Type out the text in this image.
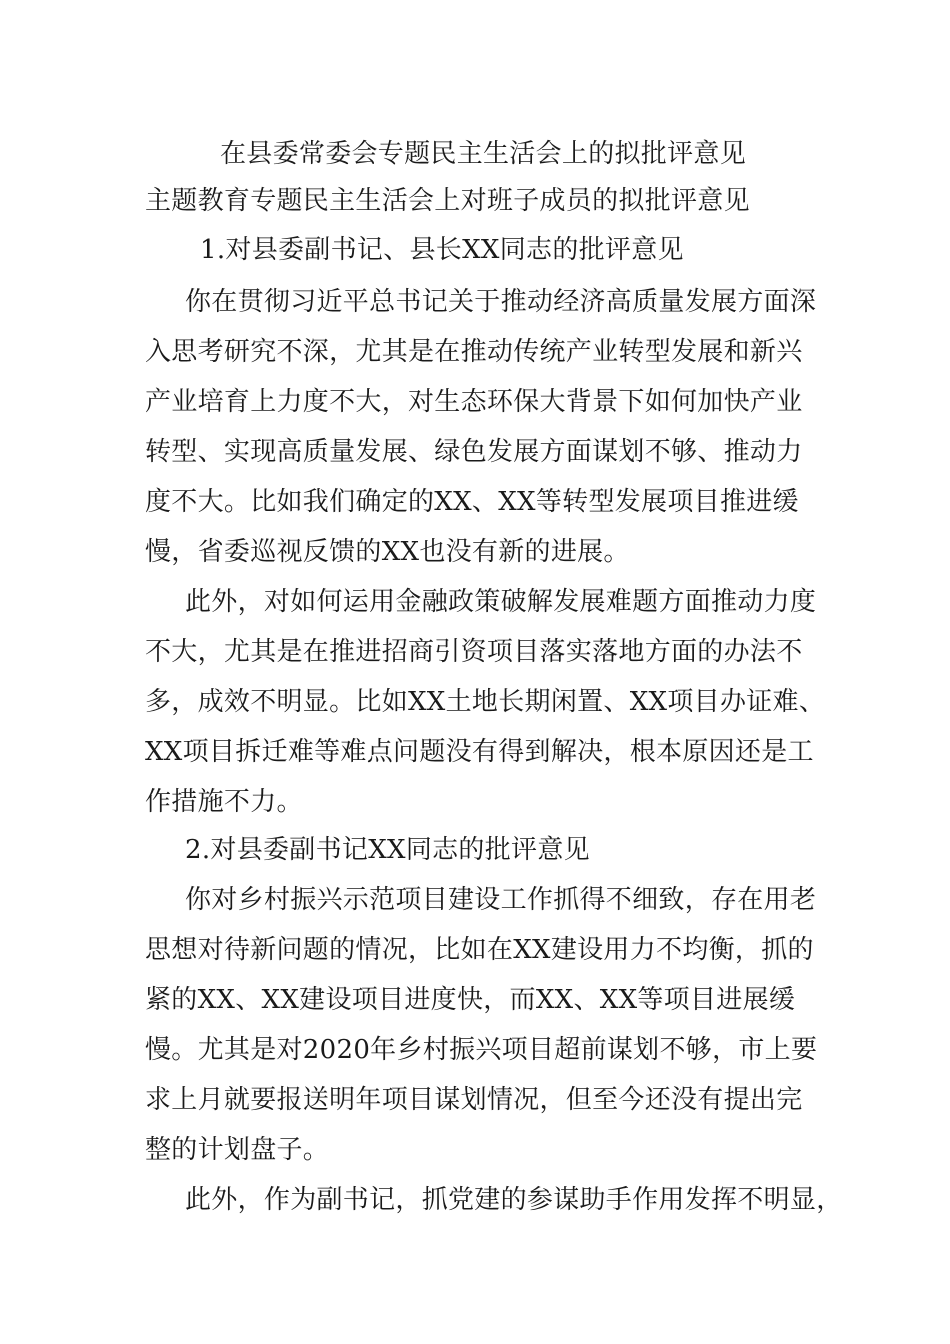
在县委常委会专题民主生活会上的拟批评意见
主题教育专题民主生活会上对班子成员的拟批评意见
1.对县委副书记、县长XX同志的批评意见
你在贯彻习近平总书记关于推动经济高质量发展方面深
入思考研究不深，尤其是在推动传统产业转型发展和新兴
产业培育上力度不大，对生态环保大背景下如何加快产业
转型、实现高质量发展、绿色发展方面谋划不够、推动力
度不大。比如我们确定的XX、XX等转型发展项目推进缓
慢，省委巡视反馈的XX也没有新的进展。
此外，对如何运用金融政策破解发展难题方面推动力度
不大，尤其是在推进招商引资项目落实落地方面的办法不
多，成效不明显。比如XX土地长期闲置、XX项目办证难、
XX项目拆迁难等难点问题没有得到解决，根本原因还是工
作措施不力。
2.对县委副书记XX同志的批评意见
你对乡村振兴示范项目建设工作抓得不细致，存在用老
思想对待新问题的情况，比如在XX建设用力不均衡，抓的
紧的XX、XX建设项目进度快，而XX、XX等项目进展缓
慢。尤其是对2020年乡村振兴项目超前谋划不够，市上要
求上月就要报送明年项目谋划情况，但至今还没有提出完
整的计划盘子。
此外，作为副书记，抓党建的参谋助手作用发挥不明显，
